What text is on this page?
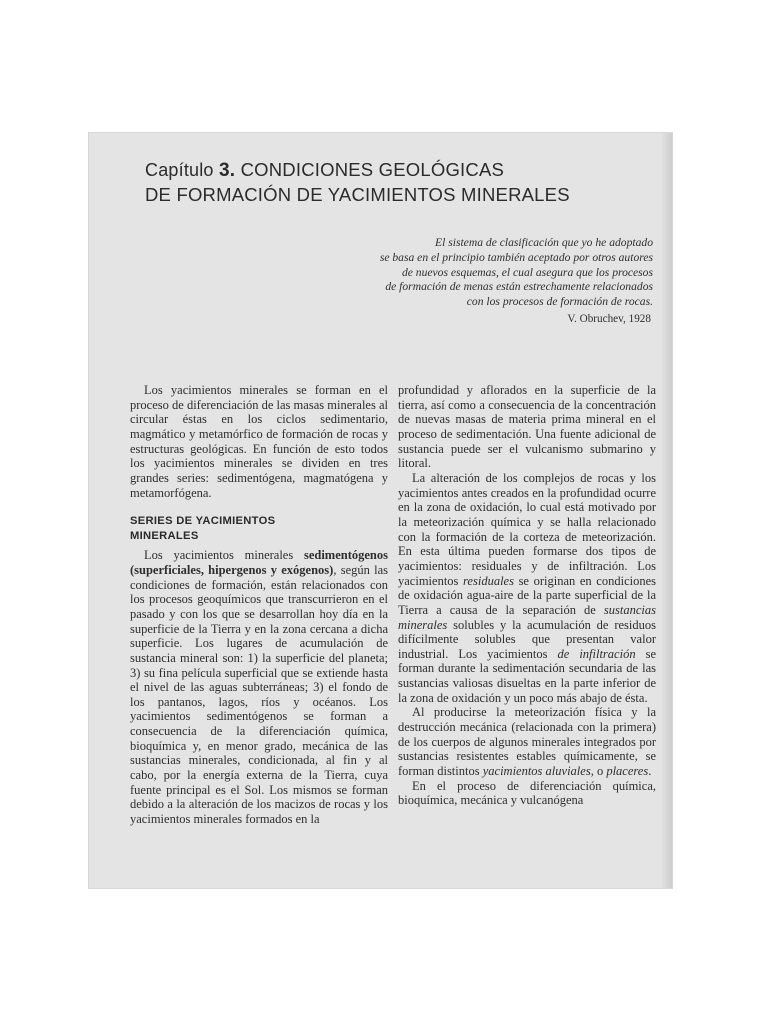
Capítulo 3. CONDICIONES GEOLÓGICAS
DE FORMACIÓN DE YACIMIENTOS MINERALES
El sistema de clasificación que yo he adoptado
se basa en el principio también aceptado por otros autores
de nuevos esquemas, el cual asegura que los procesos
de formación de menas están estrechamente relacionados
con los procesos de formación de rocas.
V. Obruchev, 1928

Los yacimientos minerales se forman en el proceso de diferenciación de las masas minerales al circular éstas en los ciclos sedimentario, magmático y metamórfico de formación de rocas y estructuras geológicas. En función de esto todos los yacimientos minerales se dividen en tres grandes series: sedimentógena, magmatógena y metamorfógena.

SERIES DE YACIMIENTOS
MINERALES

Los yacimientos minerales sedimentógenos (superficiales, hipergenos y exógenos), según las condiciones de formación, están relacionados con los procesos geoquímicos que transcurrieron en el pasado y con los que se desarrollan hoy día en la superficie de la Tierra y en la zona cercana a dicha superficie. Los lugares de acumulación de sustancia mineral son: 1) la superficie del planeta; 3) su fina película superficial que se extiende hasta el nivel de las aguas subterráneas; 3) el fondo de los pantanos, lagos, ríos y océanos. Los yacimientos sedimentógenos se forman a consecuencia de la diferenciación química, bioquímica y, en menor grado, mecánica de las sustancias minerales, condicionada, al fin y al cabo, por la energía externa de la Tierra, cuya fuente principal es el Sol. Los mismos se forman debido a la alteración de los macizos de rocas y los yacimientos minerales formados en la

profundidad y aflorados en la superficie de la tierra, así como a consecuencia de la concentración de nuevas masas de materia prima mineral en el proceso de sedimentación. Una fuente adicional de sustancia puede ser el vulcanismo submarino y litoral.

La alteración de los complejos de rocas y los yacimientos antes creados en la profundidad ocurre en la zona de oxidación, lo cual está motivado por la meteorización química y se halla relacionado con la formación de la corteza de meteorización. En esta última pueden formarse dos tipos de yacimientos: residuales y de infiltración. Los yacimientos residuales se originan en condiciones de oxidación agua-aire de la parte superficial de la Tierra a causa de la separación de sustancias minerales solubles y la acumulación de residuos difícilmente solubles que presentan valor industrial. Los yacimientos de infiltración se forman durante la sedimentación secundaria de las sustancias valiosas disueltas en la parte inferior de la zona de oxidación y un poco más abajo de ésta.

Al producirse la meteorización física y la destrucción mecánica (relacionada con la primera) de los cuerpos de algunos minerales integrados por sustancias resistentes estables químicamente, se forman distintos yacimientos aluviales, o placeres.

En el proceso de diferenciación química, bioquímica, mecánica y vulcanógena
